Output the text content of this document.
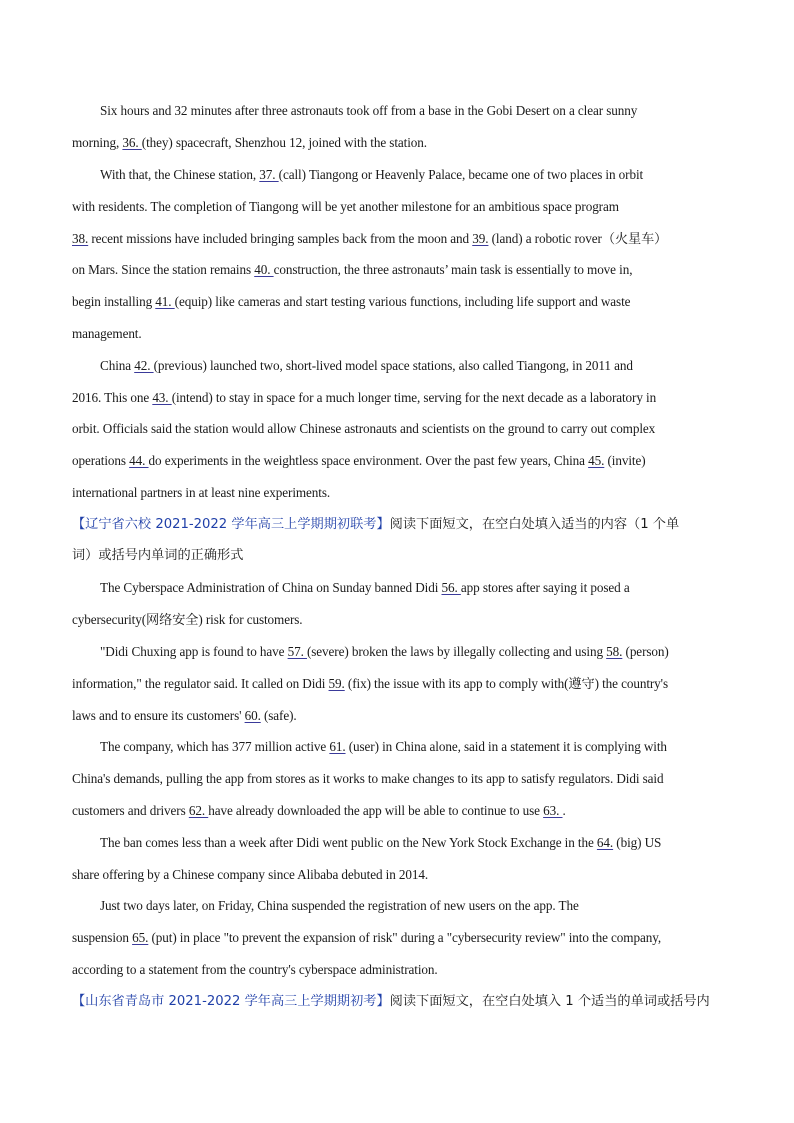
Six hours and 32 minutes after three astronauts took off from a base in the Gobi Desert on a clear sunny
morning, 36. (they) spacecraft, Shenzhou 12, joined with the station.
With that, the Chinese station, 37. (call) Tiangong or Heavenly Palace, became one of two places in orbit
with residents. The completion of Tiangong will be yet another milestone for an ambitious space program
38. recent missions have included bringing samples back from the moon and 39. (land) a robotic rover（火星车）
on Mars. Since the station remains 40. construction, the three astronauts’ main task is essentially to move in,
begin installing 41. (equip) like cameras and start testing various functions, including life support and waste
management.
China 42. (previous) launched two, short-lived model space stations, also called Tiangong, in 2011 and
2016. This one 43. (intend) to stay in space for a much longer time, serving for the next decade as a laboratory in
orbit. Officials said the station would allow Chinese astronauts and scientists on the ground to carry out complex
operations 44. do experiments in the weightless space environment. Over the past few years, China 45. (invite)
international partners in at least nine experiments.
【辽宁省六校 2021-2022 学年高三上学期期初联考】阅读下面短文，在空白处填入适当的内容（1 个单
词）或括号内单词的正确形式
The Cyberspace Administration of China on Sunday banned Didi 56. app stores after saying it posed a
cybersecurity(网络安全) risk for customers.
"Didi Chuxing app is found to have 57. (severe) broken the laws by illegally collecting and using 58. (person)
information," the regulator said. It called on Didi 59. (fix) the issue with its app to comply with(遵守) the country's
laws and to ensure its customers' 60. (safe).
The company, which has 377 million active 61. (user) in China alone, said in a statement it is complying with
China's demands, pulling the app from stores as it works to make changes to its app to satisfy regulators. Didi said
customers and drivers 62. have already downloaded the app will be able to continue to use 63. .
The ban comes less than a week after Didi went public on the New York Stock Exchange in the 64. (big) US
share offering by a Chinese company since Alibaba debuted in 2014.
Just two days later, on Friday, China suspended the registration of new users on the app. The
suspension 65. (put) in place "to prevent the expansion of risk" during a "cybersecurity review" into the company,
according to a statement from the country's cyberspace administration.
【山东省青岛市 2021-2022 学年高三上学期期初考】阅读下面短文，在空白处填入 1 个适当的单词或括号内
